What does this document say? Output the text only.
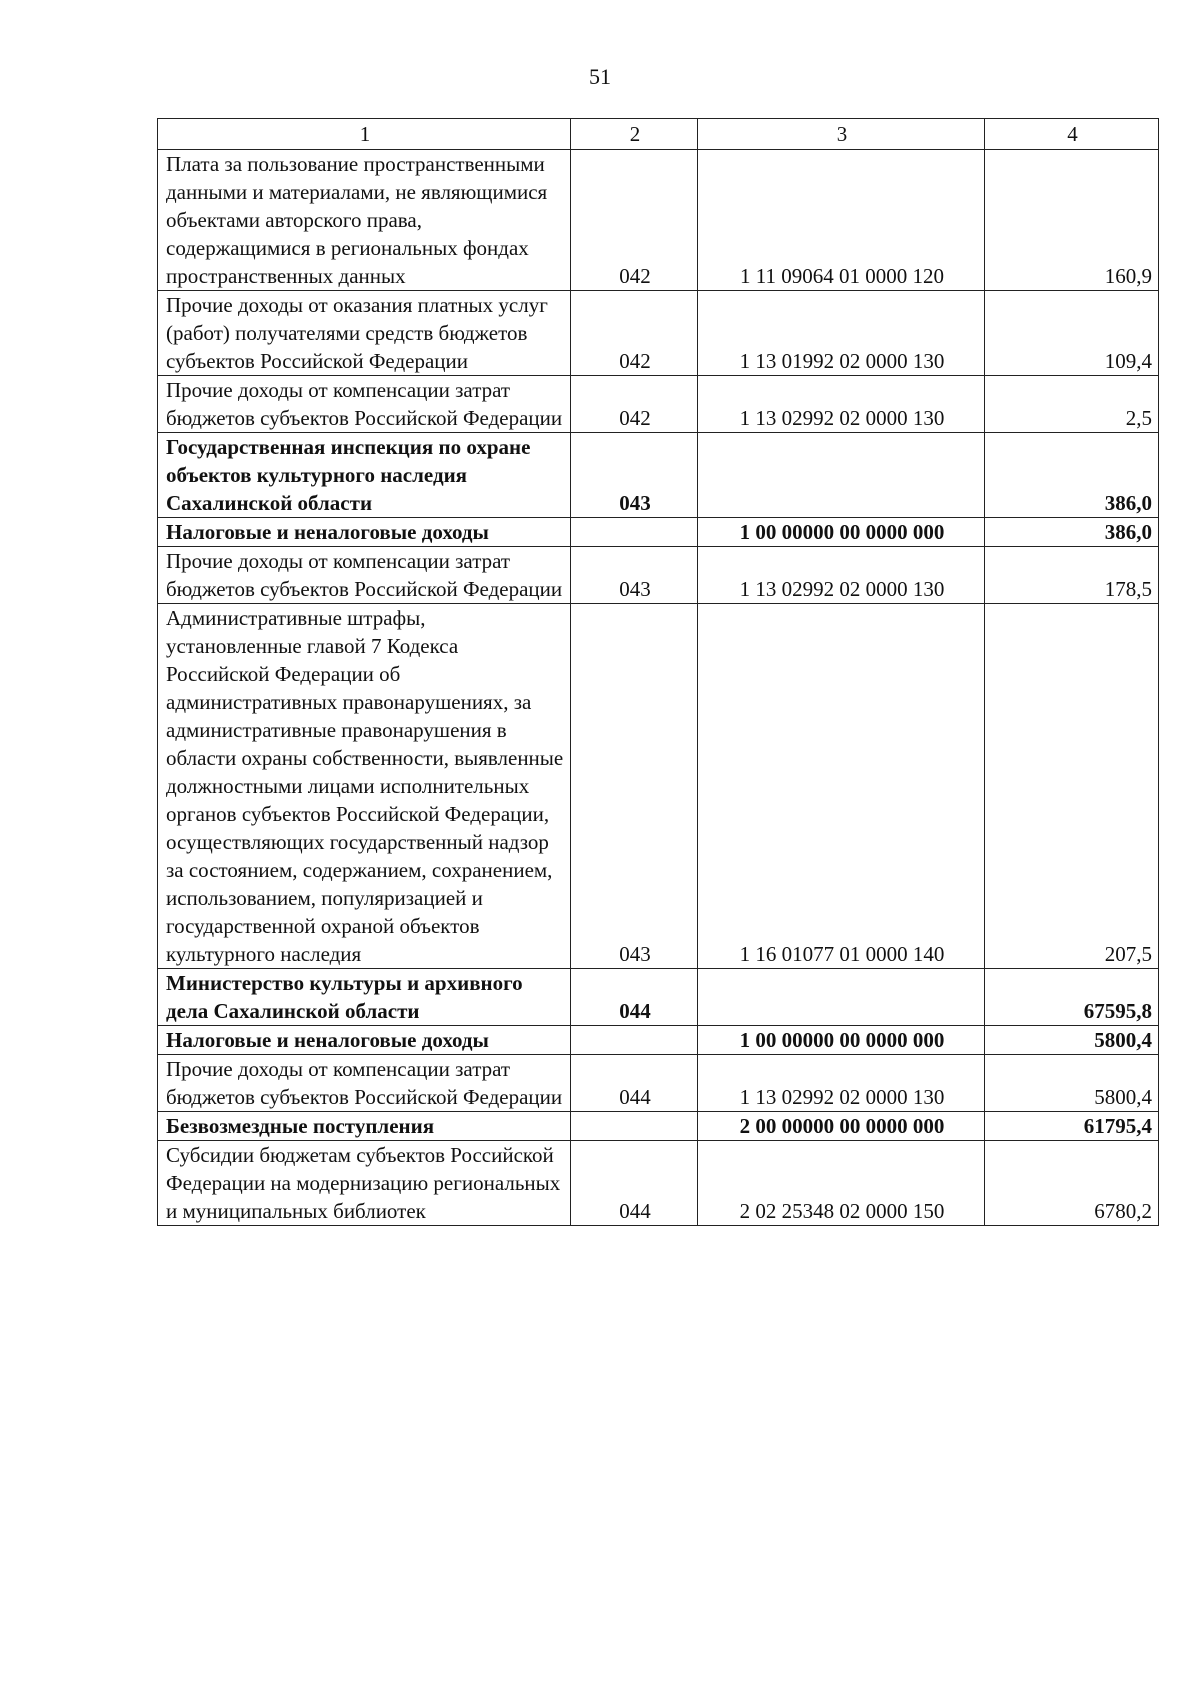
51
1	2	3	4
Плата за пользование пространственными данными и материалами, не являющимися объектами авторского права, содержащимися в региональных фондах пространственных данных	042	1 11 09064 01 0000 120	160,9
Прочие доходы от оказания платных услуг (работ) получателями средств бюджетов субъектов Российской Федерации	042	1 13 01992 02 0000 130	109,4
Прочие доходы от компенсации затрат бюджетов субъектов Российской Федерации	042	1 13 02992 02 0000 130	2,5
Государственная инспекция по охране объектов культурного наследия Сахалинской области	043		386,0
Налоговые и неналоговые доходы		1 00 00000 00 0000 000	386,0
Прочие доходы от компенсации затрат бюджетов субъектов Российской Федерации	043	1 13 02992 02 0000 130	178,5
Административные штрафы, установленные главой 7 Кодекса Российской Федерации об административных правонарушениях, за административные правонарушения в области охраны собственности, выявленные должностными лицами исполнительных органов субъектов Российской Федерации, осуществляющих государственный надзор за состоянием, содержанием, сохранением, использованием, популяризацией и государственной охраной объектов культурного наследия	043	1 16 01077 01 0000 140	207,5
Министерство культуры и архивного дела Сахалинской области	044		67595,8
Налоговые и неналоговые доходы		1 00 00000 00 0000 000	5800,4
Прочие доходы от компенсации затрат бюджетов субъектов Российской Федерации	044	1 13 02992 02 0000 130	5800,4
Безвозмездные поступления		2 00 00000 00 0000 000	61795,4
Субсидии бюджетам субъектов Российской Федерации на модернизацию региональных и муниципальных библиотек	044	2 02 25348 02 0000 150	6780,2
